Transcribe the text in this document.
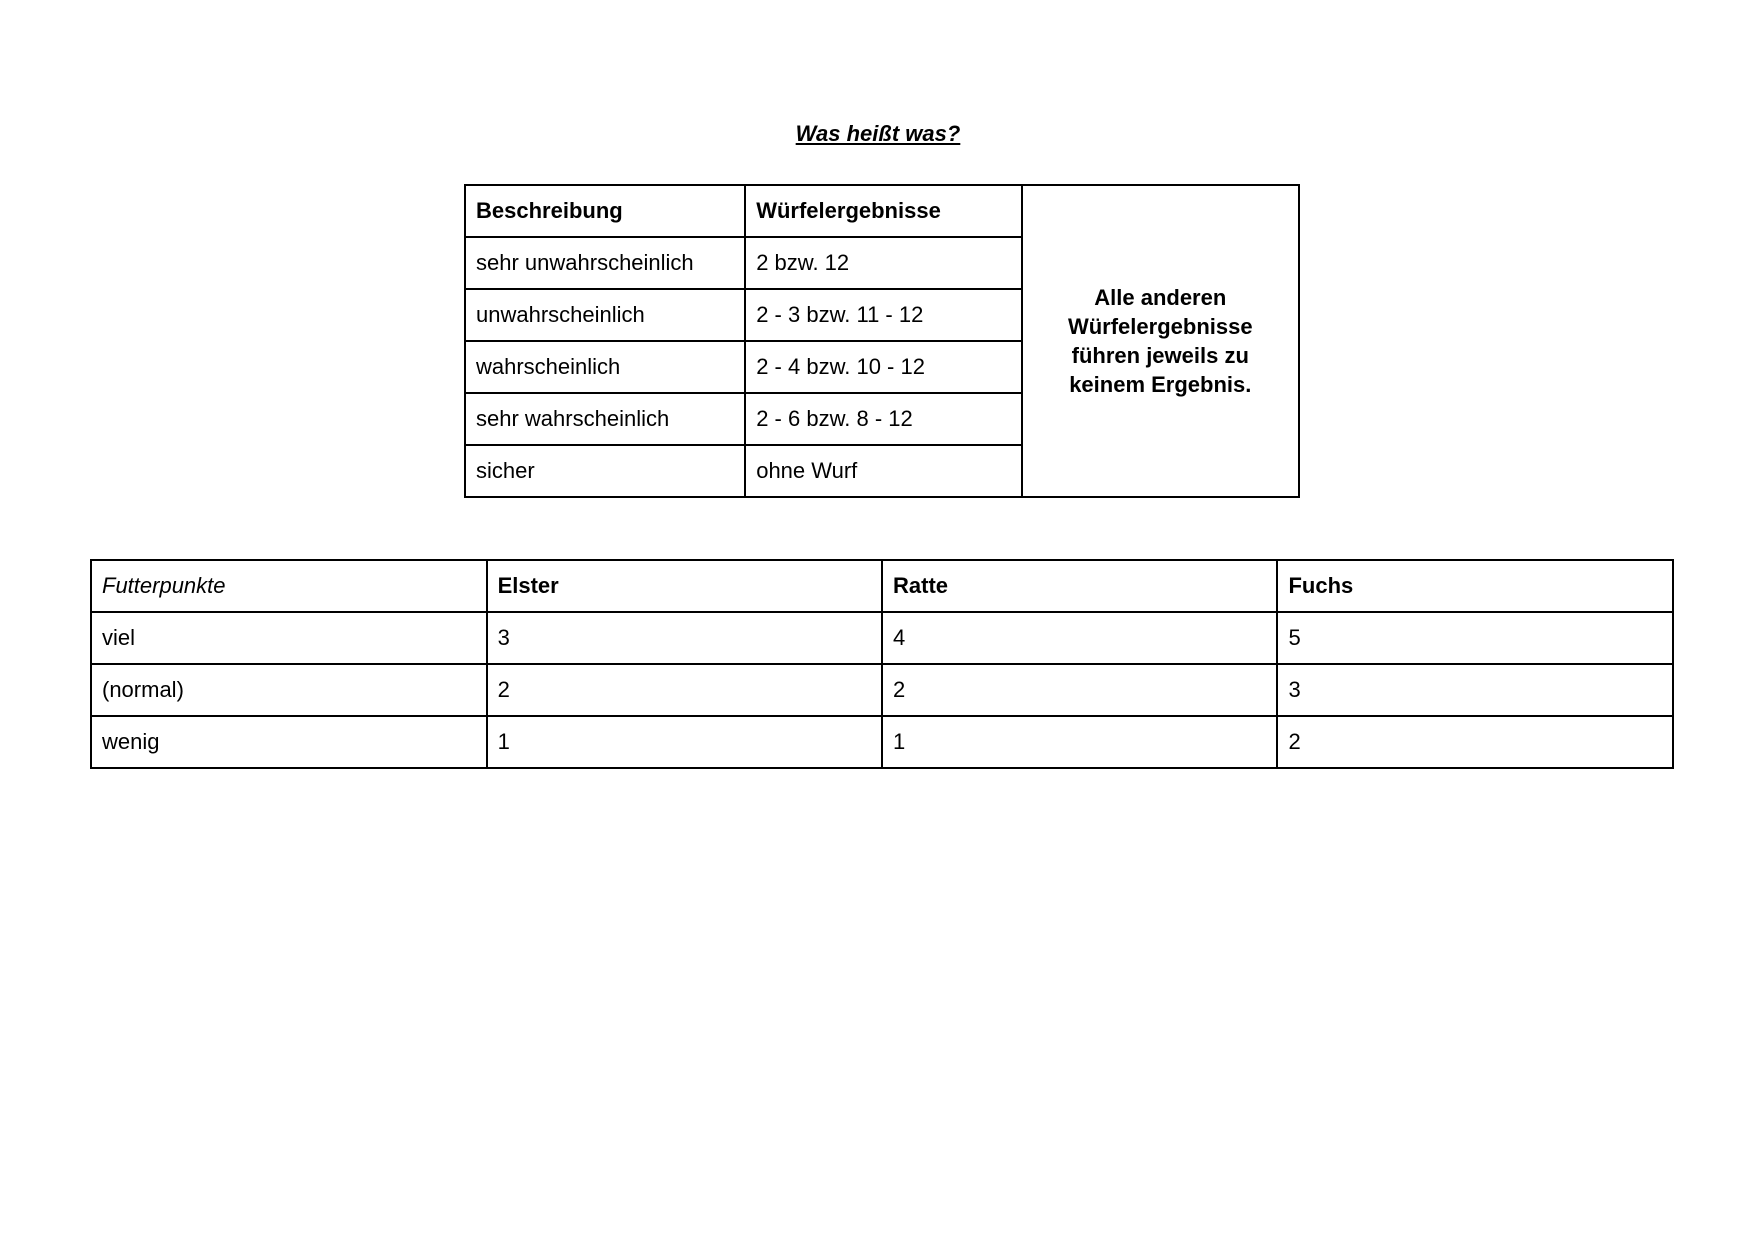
Was heißt was?
Beschreibung	Würfelergebnisse	Alle anderen Würfelergebnisse führen jeweils zu keinem Ergebnis.
sehr unwahrscheinlich	2 bzw. 12	
unwahrscheinlich	2 - 3 bzw. 11 - 12	
wahrscheinlich	2 - 4 bzw. 10 - 12	
sehr wahrscheinlich	2 - 6 bzw. 8 - 12	
sicher	ohne Wurf	
Futterpunkte	Elster	Ratte	Fuchs
viel	3	4	5
(normal)	2	2	3
wenig	1	1	2
